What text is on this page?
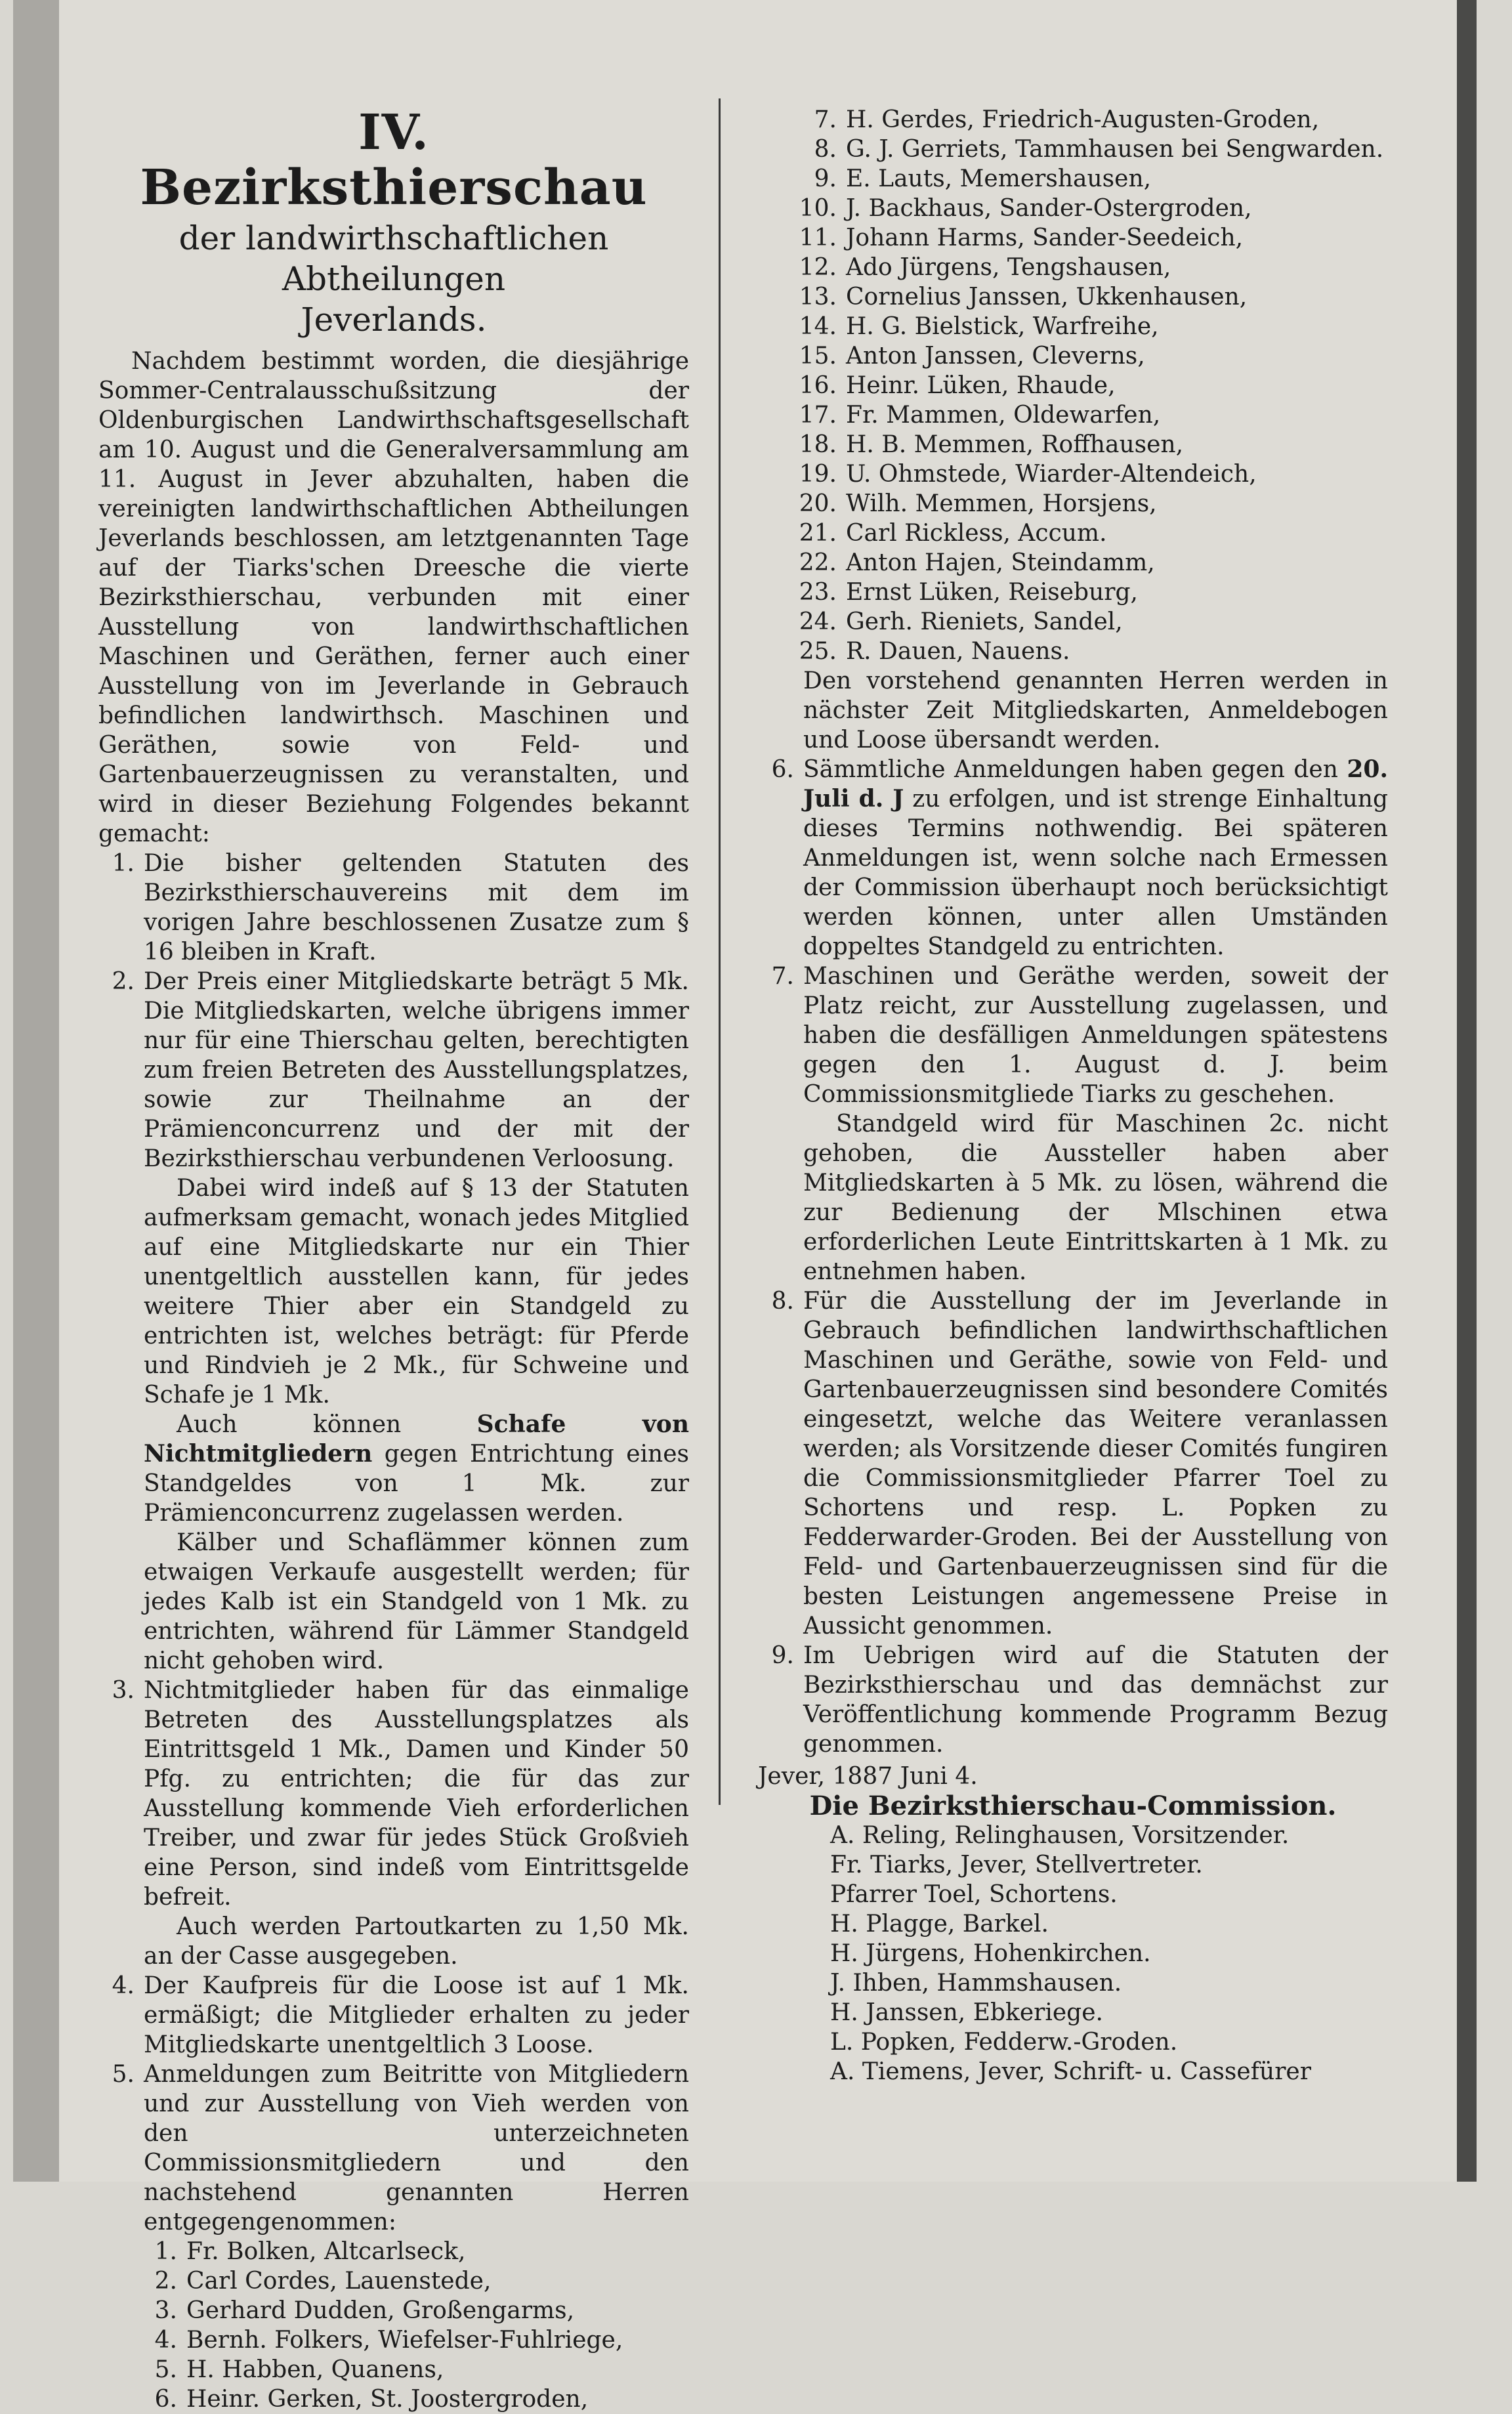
IV. Bezirksthierschau
der landwirthschaftlichen Abtheilungen
Jeverlands.

Nachdem bestimmt worden, die diesjährige Sommer-Centralausschußsitzung der Oldenburgischen Landwirthschaftsgesellschaft am 10. August und die Generalversammlung am 11. August in Jever abzuhalten, haben die vereinigten landwirthschaftlichen Abtheilungen Jeverlands beschlossen, am letztgenannten Tage auf der Tiarks'schen Dreesche die vierte Bezirksthierschau, verbunden mit einer Ausstellung von landwirthschaftlichen Maschinen und Geräthen, ferner auch einer Ausstellung von im Jeverlande in Gebrauch befindlichen landwirthsch. Maschinen und Geräthen, sowie von Feld- und Gartenbauerzeugnissen zu veranstalten, und wird in dieser Beziehung Folgendes bekannt gemacht:

1. Die bisher geltenden Statuten des Bezirksthierschauvereins mit dem im vorigen Jahre beschlossenen Zusatze zum § 16 bleiben in Kraft.
2. Der Preis einer Mitgliedskarte beträgt 5 Mk. Die Mitgliedskarten, welche übrigens immer nur für eine Thierschau gelten, berechtigten zum freien Betreten des Ausstellungsplatzes, sowie zur Theilnahme an der Prämienconcurrenz und der mit der Bezirksthierschau verbundenen Verloosung.

Dabei wird indeß auf § 13 der Statuten aufmerksam gemacht, wonach jedes Mitglied auf eine Mitgliedskarte nur ein Thier unentgeltlich ausstellen kann, für jedes weitere Thier aber ein Standgeld zu entrichten ist, welches beträgt: für Pferde und Rindvieh je 2 Mk., für Schweine und Schafe je 1 Mk.

Auch können Schafe von Nichtmitgliedern gegen Entrichtung eines Standgeldes von 1 Mk. zur Prämienconcurrenz zugelassen werden.

Kälber und Schaflämmer können zum etwaigen Verkaufe ausgestellt werden; für jedes Kalb ist ein Standgeld von 1 Mk. zu entrichten, während für Lämmer Standgeld nicht gehoben wird.

3. Nichtmitglieder haben für das einmalige Betreten des Ausstellungsplatzes als Eintrittsgeld 1 Mk., Damen und Kinder 50 Pfg. zu entrichten; die für das zur Ausstellung kommende Vieh erforderlichen Treiber, und zwar für jedes Stück Großvieh eine Person, sind indeß vom Eintrittsgelde befreit.

Auch werden Partoutkarten zu 1,50 Mk. an der Casse ausgegeben.

4. Der Kaufpreis für die Loose ist auf 1 Mk. ermäßigt; die Mitglieder erhalten zu jeder Mitgliedskarte unentgeltlich 3 Loose.
5. Anmeldungen zum Beitritte von Mitgliedern und zur Ausstellung von Vieh werden von den unterzeichneten Commissionsmitgliedern und den nachstehend genannten Herren entgegengenommen:
1. Fr. Bolken, Altcarlseck,
2. Carl Cordes, Lauenstede,
3. Gerhard Dudden, Großengarms,
4. Bernh. Folkers, Wiefelser-Fuhlriege,
5. H. Habben, Quanens,
6. Heinr. Gerken, St. Joostergroden,
7. H. Gerdes, Friedrich-Augusten-Groden,
8. G. J. Gerriets, Tammhausen bei Sengwarden.
9. E. Lauts, Memershausen,
10. J. Backhaus, Sander-Ostergroden,
11. Johann Harms, Sander-Seedeich,
12. Ado Jürgens, Tengshausen,
13. Cornelius Janssen, Ukkenhausen,
14. H. G. Bielstick, Warfreihe,
15. Anton Janssen, Cleverns,
16. Heinr. Lüken, Rhaude,
17. Fr. Mammen, Oldewarfen,
18. H. B. Memmen, Roffhausen,
19. U. Ohmstede, Wiarder-Altendeich,
20. Wilh. Memmen, Horsjens,
21. Carl Rickless, Accum.
22. Anton Hajen, Steindamm,
23. Ernst Lüken, Reiseburg,
24. Gerh. Rieniets, Sandel,
25. R. Dauen, Nauens.

Den vorstehend genannten Herren werden in nächster Zeit Mitgliedskarten, Anmeldebogen und Loose übersandt werden.

6. Sämmtliche Anmeldungen haben gegen den 20. Juli d. J zu erfolgen, und ist strenge Einhaltung dieses Termins nothwendig. Bei späteren Anmeldungen ist, wenn solche nach Ermessen der Commission überhaupt noch berücksichtigt werden können, unter allen Umständen doppeltes Standgeld zu entrichten.
7. Maschinen und Geräthe werden, soweit der Platz reicht, zur Ausstellung zugelassen, und haben die desfälligen Anmeldungen spätestens gegen den 1. August d. J. beim Commissionsmitgliede Tiarks zu geschehen.

Standgeld wird für Maschinen 2c. nicht gehoben, die Aussteller haben aber Mitgliedskarten à 5 Mk. zu lösen, während die zur Bedienung der Mlschinen etwa erforderlichen Leute Eintrittskarten à 1 Mk. zu entnehmen haben.

8. Für die Ausstellung der im Jeverlande in Gebrauch befindlichen landwirthschaftlichen Maschinen und Geräthe, sowie von Feld- und Gartenbauerzeugnissen sind besondere Comités eingesetzt, welche das Weitere veranlassen werden; als Vorsitzende dieser Comités fungiren die Commissionsmitglieder Pfarrer Toel zu Schortens und resp. L. Popken zu Fedderwarder-Groden. Bei der Ausstellung von Feld- und Gartenbauerzeugnissen sind für die besten Leistungen angemessene Preise in Aussicht genommen.
9. Im Uebrigen wird auf die Statuten der Bezirksthierschau und das demnächst zur Veröffentlichung kommende Programm Bezug genommen.

Jever, 1887 Juni 4.

Die Bezirksthierschau-Commission.

A. Reling, Relinghausen, Vorsitzender.
Fr. Tiarks, Jever, Stellvertreter.
Pfarrer Toel, Schortens.
H. Plagge, Barkel.
H. Jürgens, Hohenkirchen.
J. Ihben, Hammshausen.
H. Janssen, Ebkeriege.
L. Popken, Fedderw.-Groden.
A. Tiemens, Jever, Schrift- u. Cassefürer
